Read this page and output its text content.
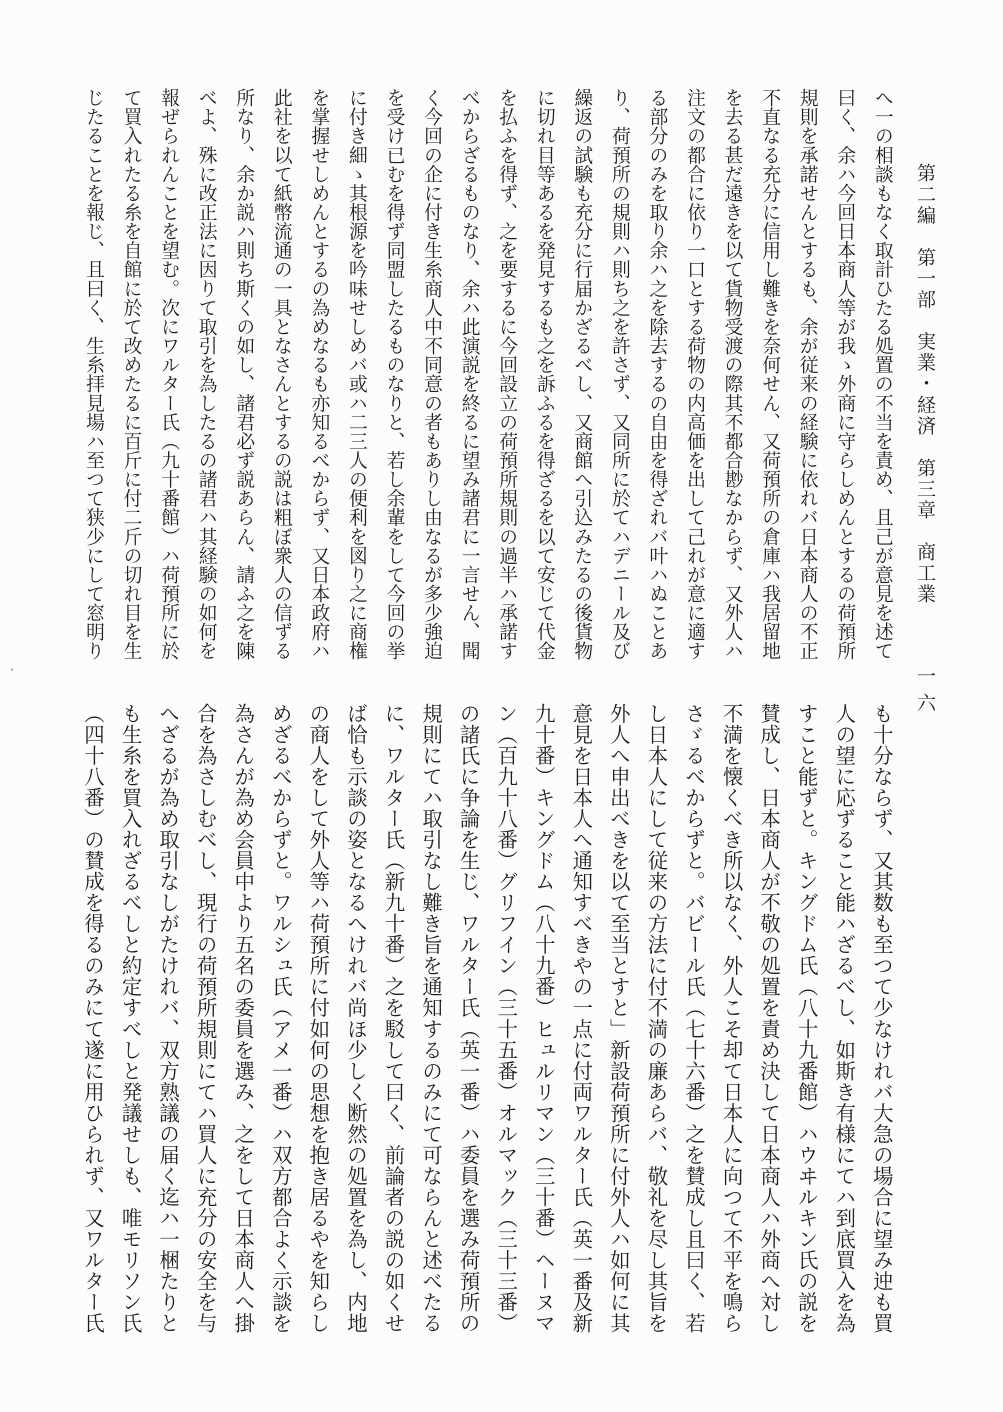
第二編　第一部　実業・経済　第三章　商工業
一六
へ一の相談もなく取計ひたる処置の不当を責め、且己が意見を述て
曰く、余ハ今回日本商人等が我ゝ外商に守らしめんとするの荷預所
規則を承諾せんとするも、余が従来の経験に依れバ日本商人の不正
不直なる充分に信用し難きを奈何せん、又荷預所の倉庫ハ我居留地
を去る甚だ遠きを以て貨物受渡の際其不都合尠なからず、又外人ハ
注文の都合に依り一口とする荷物の内高価を出して己れが意に適す
る部分のみを取り余ハ之を除去するの自由を得ざれバ叶ハぬことあ
り、荷預所の規則ハ則ち之を許さず、又同所に於てハデニール及び
繰返の試験も充分に行届かざるべし、又商館へ引込みたるの後貨物
に切れ目等あるを発見するも之を訴ふるを得ざるを以て安じて代金
を払ふを得ず、之を要するに今回設立の荷預所規則の過半ハ承諾す
べからざるものなり、余ハ此演説を終るに望み諸君に一言せん、聞
く今回の企に付き生糸商人中不同意の者もありし由なるが多少強迫
を受け已むを得ず同盟したるものなりと、若し余輩をして今回の挙
に付き細ゝ其根源を吟味せしめバ或ハ二三人の便利を図り之に商権
を掌握せしめんとするの為めなるも亦知るべからず、又日本政府ハ
此社を以て紙幣流通の一具となさんとするの説は粗ぼ衆人の信ずる
所なり、余か説ハ則ち斯くの如し、諸君必ず説あらん、請ふ之を陳
べよ、殊に改正法に因りて取引を為したるの諸君ハ其経験の如何を
報ぜられんことを望む。次にワルター氏（九十番館）ハ荷預所に於
て買入れたる糸を自館に於て改めたるに百斤に付二斤の切れ目を生
じたることを報じ、且曰く、生糸拝見場ハ至つて狭少にして窓明り
も十分ならず、又其数も至つて少なけれバ大急の場合に望み迚も買
人の望に応ずること能ハざるべし、如斯き有様にてハ到底買入を為
すこと能ずと。キングドム氏（八十九番館）ハウヰルキン氏の説を
賛成し、日本商人が不敬の処置を責め決して日本商人ハ外商へ対し
不満を懐くべき所以なく、外人こそ却て日本人に向つて不平を鳴ら
さゞるべからずと。バビール氏（七十六番）之を賛成し且曰く、若
し日本人にして従来の方法に付不満の廉あらバ、敬礼を尽し其旨を
外人へ申出べきを以て至当とすと」新設荷預所に付外人ハ如何に其
意見を日本人へ通知すべきやの一点に付両ワルター氏（英一番及新
九十番）キングドム（八十九番）ヒュルリマン（三十番）ヘーヌマ
ン（百九十八番）グリフイン（三十五番）オルマック（三十三番）
の諸氏に争論を生じ、ワルター氏（英一番）ハ委員を選み荷預所の
規則にてハ取引なし難き旨を通知するのみにて可ならんと述べたる
に、ワルター氏（新九十番）之を駁して曰く、前論者の説の如くせ
ば恰も示談の姿となるへけれバ尚ほ少しく断然の処置を為し、内地
の商人をして外人等ハ荷預所に付如何の思想を抱き居るやを知らし
めざるべからずと。ワルシュ氏（アメ一番）ハ双方都合よく示談を
為さんが為め会員中より五名の委員を選み、之をして日本商人へ掛
合を為さしむべし、現行の荷預所規則にてハ買人に充分の安全を与
へざるが為め取引なしがたけれバ、双方熟議の届く迄ハ一梱たりと
も生糸を買入れざるべしと約定すべしと発議せしも、唯モリソン氏
（四十八番）の賛成を得るのみにて遂に用ひられず、又ワルター氏
